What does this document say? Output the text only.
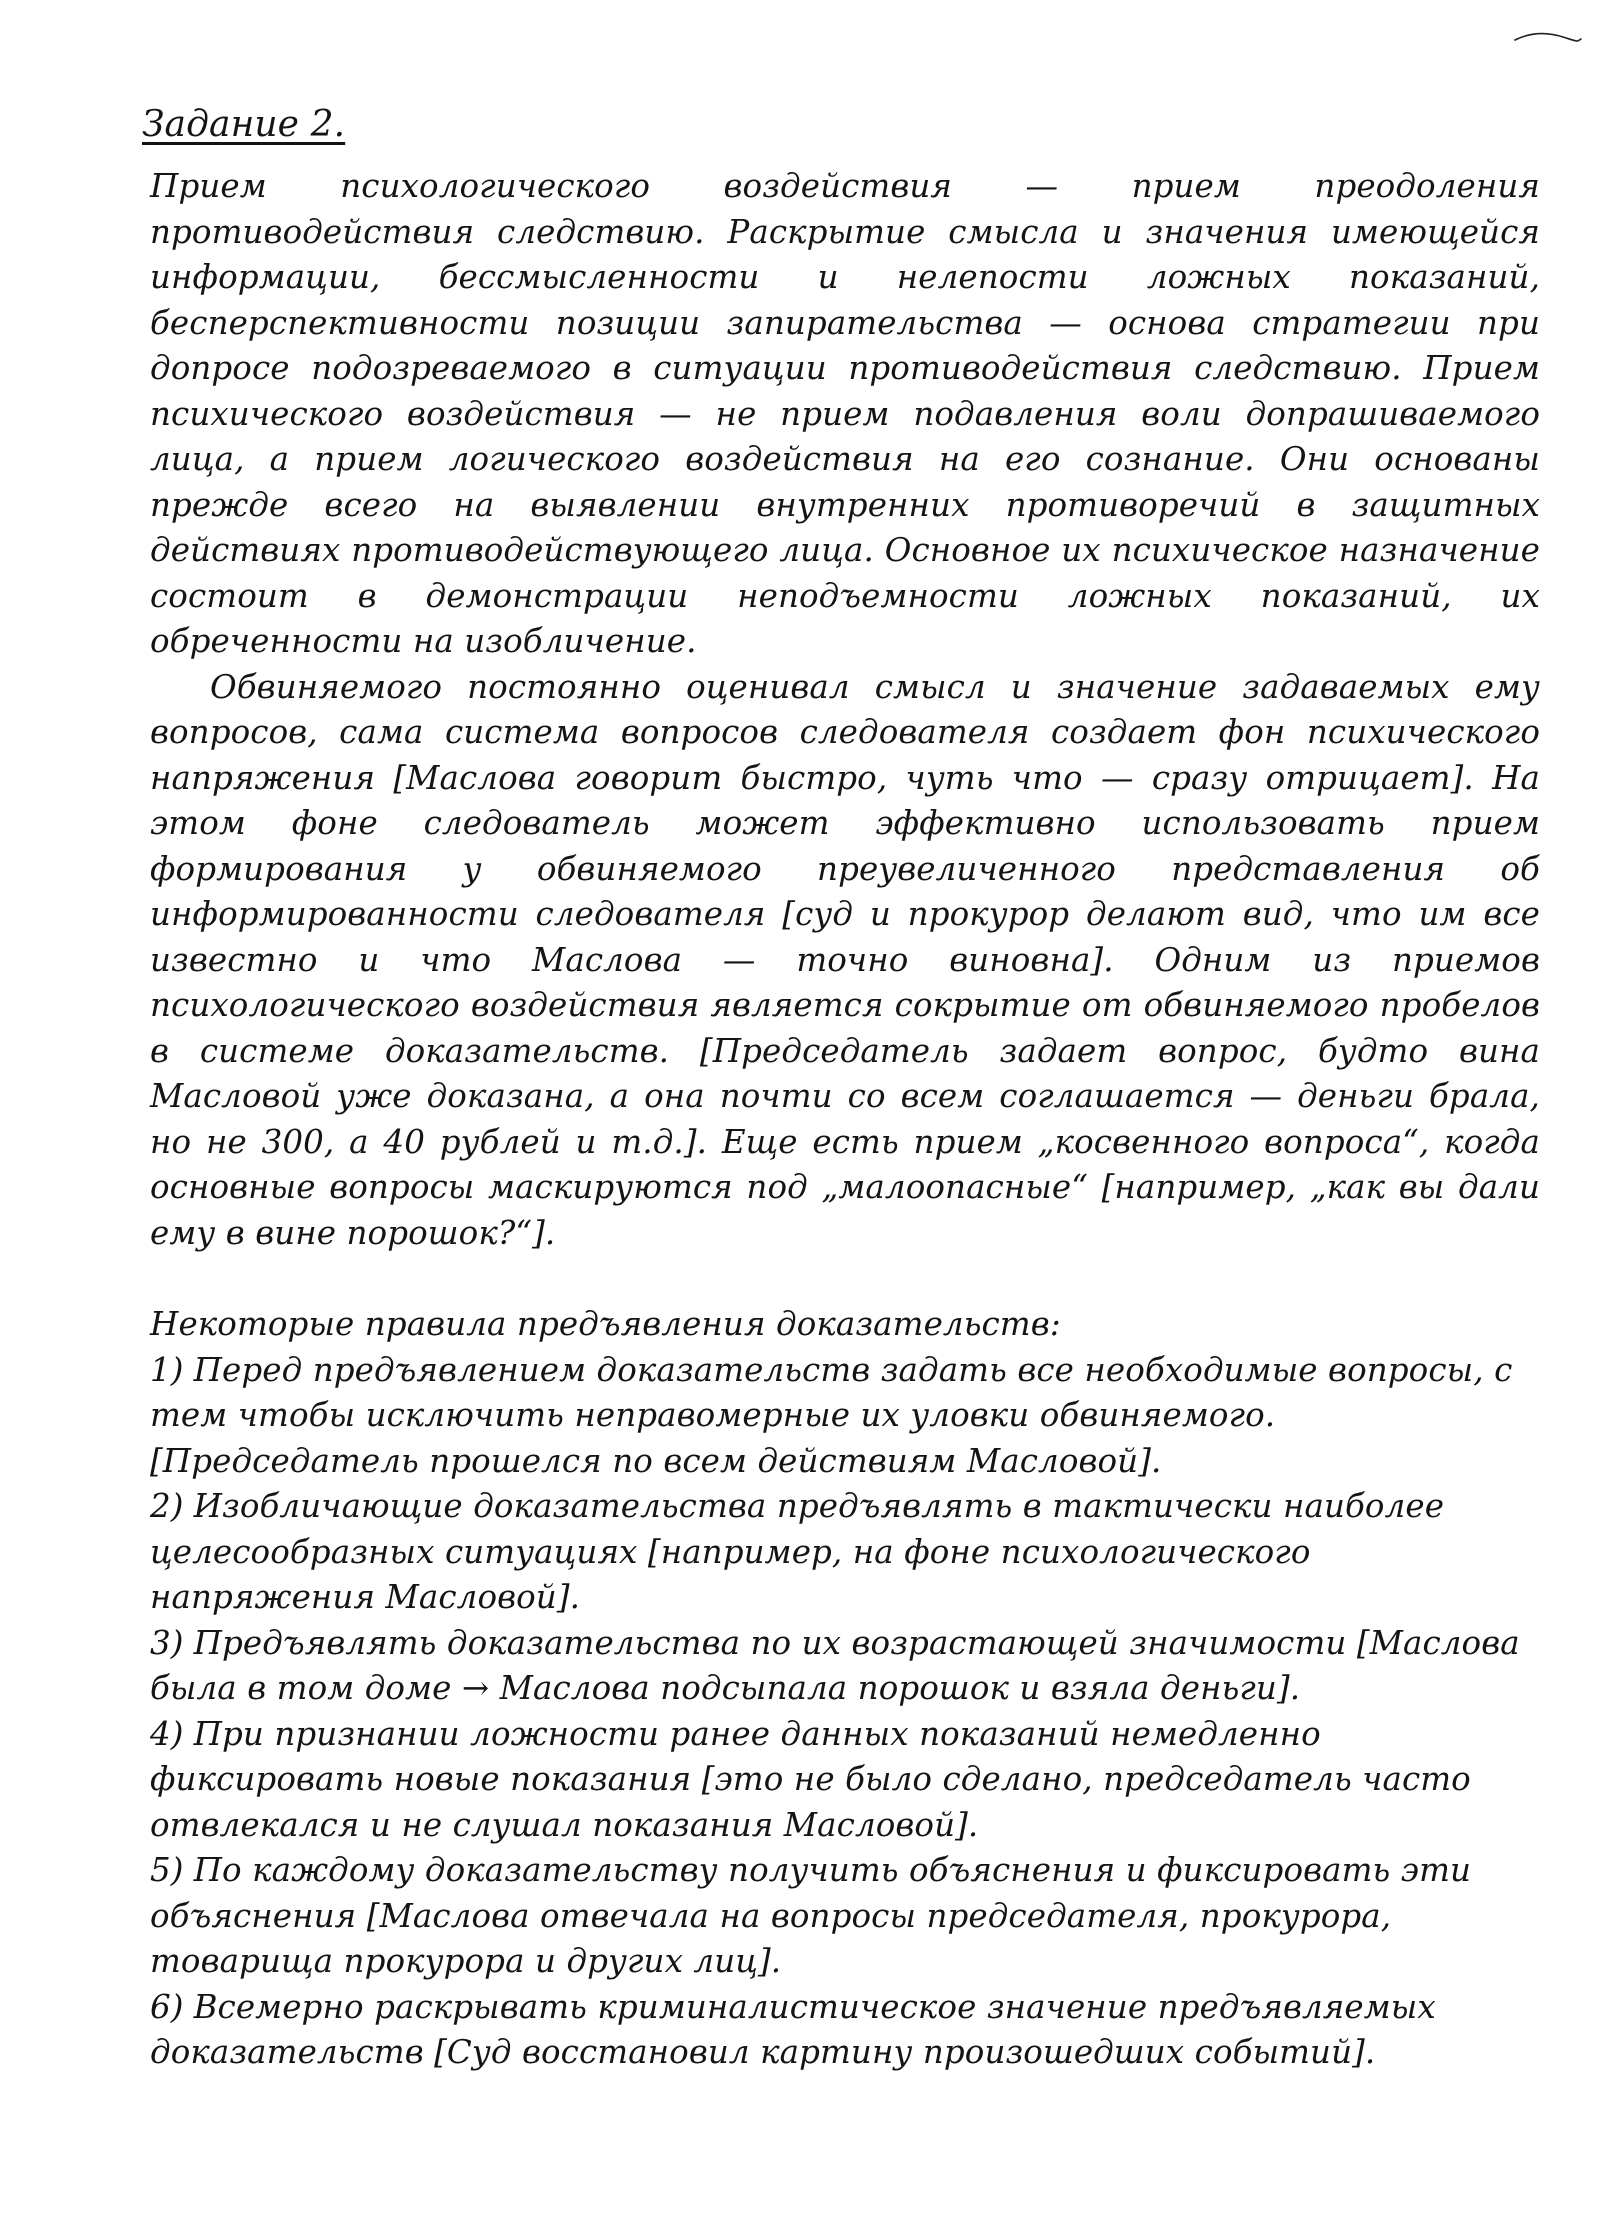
Задание 2.

Прием психологического воздействия — прием преодоления противодействия следствию. Раскрытие смысла и значения имеющейся информации, бессмысленности и нелепости ложных показаний, бесперспективности позиции запирательства — основа стратегии при допросе подозреваемого в ситуации противодействия следствию. Прием психического воздействия — не прием подавления воли допрашиваемого лица, а прием логического воздействия на его сознание. Они основаны прежде всего на выявлении внутренних противоречий в защитных действиях противодействующего лица. Основное их психическое назначение состоит в демонстрации неподъемности ложных показаний, их обреченности на изобличение.

Обвиняемого постоянно оценивал смысл и значение задаваемых ему вопросов, сама система вопросов следователя создает фон психического напряжения [Маслова говорит быстро, чуть что — сразу отрицает]. На этом фоне следователь может эффективно использовать прием формирования у обвиняемого преувеличенного представления об информированности следователя [суд и прокурор делают вид, что им все известно и что Маслова — точно виновна]. Одним из приемов психологического воздействия является сокрытие от обвиняемого пробелов в системе доказательств. [Председатель задает вопрос, будто вина Масловой уже доказана, а она почти со всем соглашается — деньги брала, но не 300, а 40 рублей и т.д.]. Еще есть прием „косвенного вопроса“, когда основные вопросы маскируются под „малоопасные“ [например, „как вы дали ему в вине порошок?“].

Некоторые правила предъявления доказательств:

1) Перед предъявлением доказательств задать все необходимые вопросы, с тем чтобы исключить неправомерные их уловки обвиняемого. [Председатель прошелся по всем действиям Масловой].
2) Изобличающие доказательства предъявлять в тактически наиболее целесообразных ситуациях [например, на фоне психологического напряжения Масловой].
3) Предъявлять доказательства по их возрастающей значимости [Маслова была в том доме → Маслова подсыпала порошок и взяла деньги].
4) При признании ложности ранее данных показаний немедленно фиксировать новые показания [это не было сделано, председатель часто отвлекался и не слушал показания Масловой].
5) По каждому доказательству получить объяснения и фиксировать эти объяснения [Маслова отвечала на вопросы председателя, прокурора, товарища прокурора и других лиц].
6) Всемерно раскрывать криминалистическое значение предъявляемых доказательств [Суд восстановил картину произошедших событий].
